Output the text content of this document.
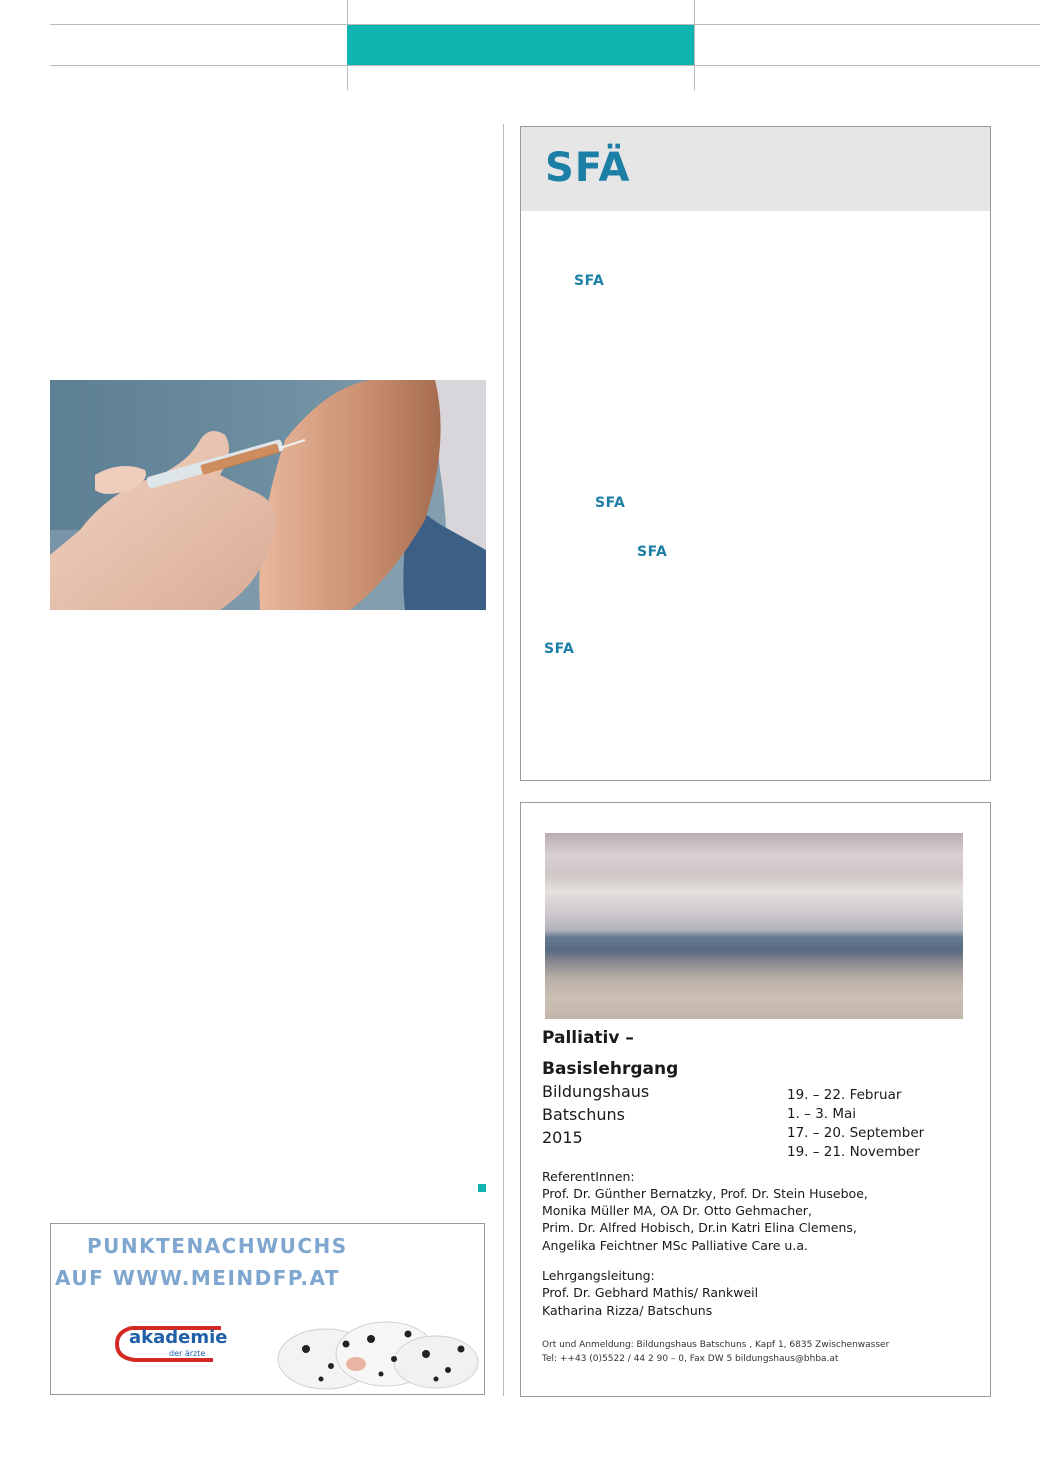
PUNKTENACHWUCHS
AUF WWW.MEINDFP.AT
akademie
der ärzte
SFÄ
SFA
SFA
SFA
SFA
Palliativ –
Basislehrgang
Bildungshaus
Batschuns
2015
19. – 22. Februar
1. – 3. Mai
17. – 20. September
19. – 21. November
ReferentInnen:
Prof. Dr. Günther Bernatzky, Prof. Dr. Stein Huseboe,
Monika Müller MA, OA Dr. Otto Gehmacher,
Prim. Dr. Alfred Hobisch, Dr.in Katri Elina Clemens,
Angelika Feichtner MSc Palliative Care u.a.
Lehrgangsleitung:
Prof. Dr. Gebhard Mathis/ Rankweil
Katharina Rizza/ Batschuns
Ort und Anmeldung: Bildungshaus Batschuns , Kapf 1, 6835 Zwischenwasser
Tel: ++43 (0)5522 / 44 2 90 – 0, Fax DW 5 bildungshaus@bhba.at
